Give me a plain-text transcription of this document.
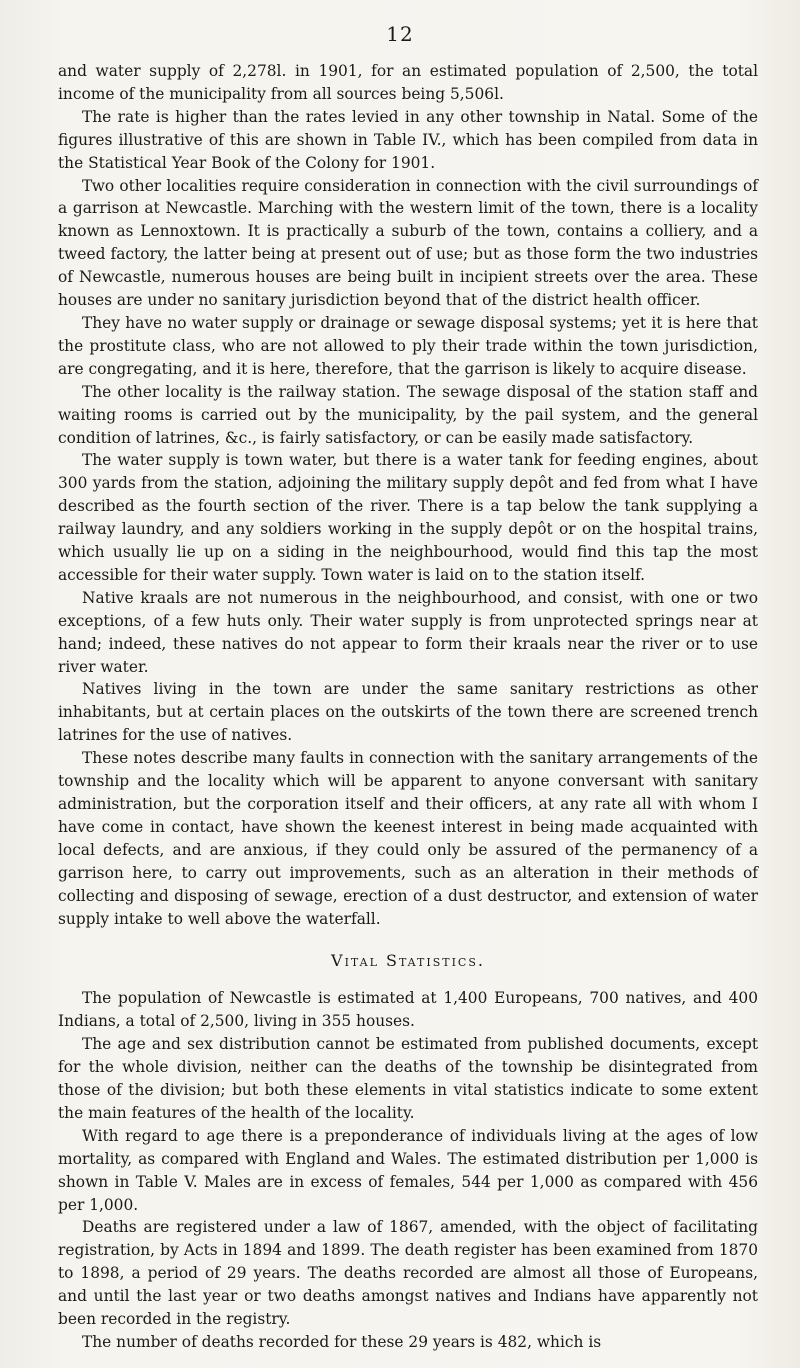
12

and water supply of 2,278l. in 1901, for an estimated population of 2,500, the total income of the municipality from all sources being 5,506l.

The rate is higher than the rates levied in any other township in Natal. Some of the figures illustrative of this are shown in Table IV., which has been compiled from data in the Statistical Year Book of the Colony for 1901.

Two other localities require consideration in connection with the civil surroundings of a garrison at Newcastle. Marching with the western limit of the town, there is a locality known as Lennoxtown. It is practically a suburb of the town, contains a colliery, and a tweed factory, the latter being at present out of use; but as those form the two industries of Newcastle, numerous houses are being built in incipient streets over the area. These houses are under no sanitary jurisdiction beyond that of the district health officer.

They have no water supply or drainage or sewage disposal systems; yet it is here that the prostitute class, who are not allowed to ply their trade within the town jurisdiction, are congregating, and it is here, therefore, that the garrison is likely to acquire disease.

The other locality is the railway station. The sewage disposal of the station staff and waiting rooms is carried out by the municipality, by the pail system, and the general condition of latrines, &c., is fairly satisfactory, or can be easily made satisfactory.

The water supply is town water, but there is a water tank for feeding engines, about 300 yards from the station, adjoining the military supply depôt and fed from what I have described as the fourth section of the river. There is a tap below the tank supplying a railway laundry, and any soldiers working in the supply depôt or on the hospital trains, which usually lie up on a siding in the neighbourhood, would find this tap the most accessible for their water supply. Town water is laid on to the station itself.

Native kraals are not numerous in the neighbourhood, and consist, with one or two exceptions, of a few huts only. Their water supply is from unprotected springs near at hand; indeed, these natives do not appear to form their kraals near the river or to use river water.

Natives living in the town are under the same sanitary restrictions as other inhabitants, but at certain places on the outskirts of the town there are screened trench latrines for the use of natives.

These notes describe many faults in connection with the sanitary arrangements of the township and the locality which will be apparent to anyone conversant with sanitary administration, but the corporation itself and their officers, at any rate all with whom I have come in contact, have shown the keenest interest in being made acquainted with local defects, and are anxious, if they could only be assured of the permanency of a garrison here, to carry out improvements, such as an alteration in their methods of collecting and disposing of sewage, erection of a dust destructor, and extension of water supply intake to well above the waterfall.

Vital Statistics.

The population of Newcastle is estimated at 1,400 Europeans, 700 natives, and 400 Indians, a total of 2,500, living in 355 houses.

The age and sex distribution cannot be estimated from published documents, except for the whole division, neither can the deaths of the township be disintegrated from those of the division; but both these elements in vital statistics indicate to some extent the main features of the health of the locality.

With regard to age there is a preponderance of individuals living at the ages of low mortality, as compared with England and Wales. The estimated distribution per 1,000 is shown in Table V. Males are in excess of females, 544 per 1,000 as compared with 456 per 1,000.

Deaths are registered under a law of 1867, amended, with the object of facilitating registration, by Acts in 1894 and 1899. The death register has been examined from 1870 to 1898, a period of 29 years. The deaths recorded are almost all those of Europeans, and until the last year or two deaths amongst natives and Indians have apparently not been recorded in the registry.

The number of deaths recorded for these 29 years is 482, which is
